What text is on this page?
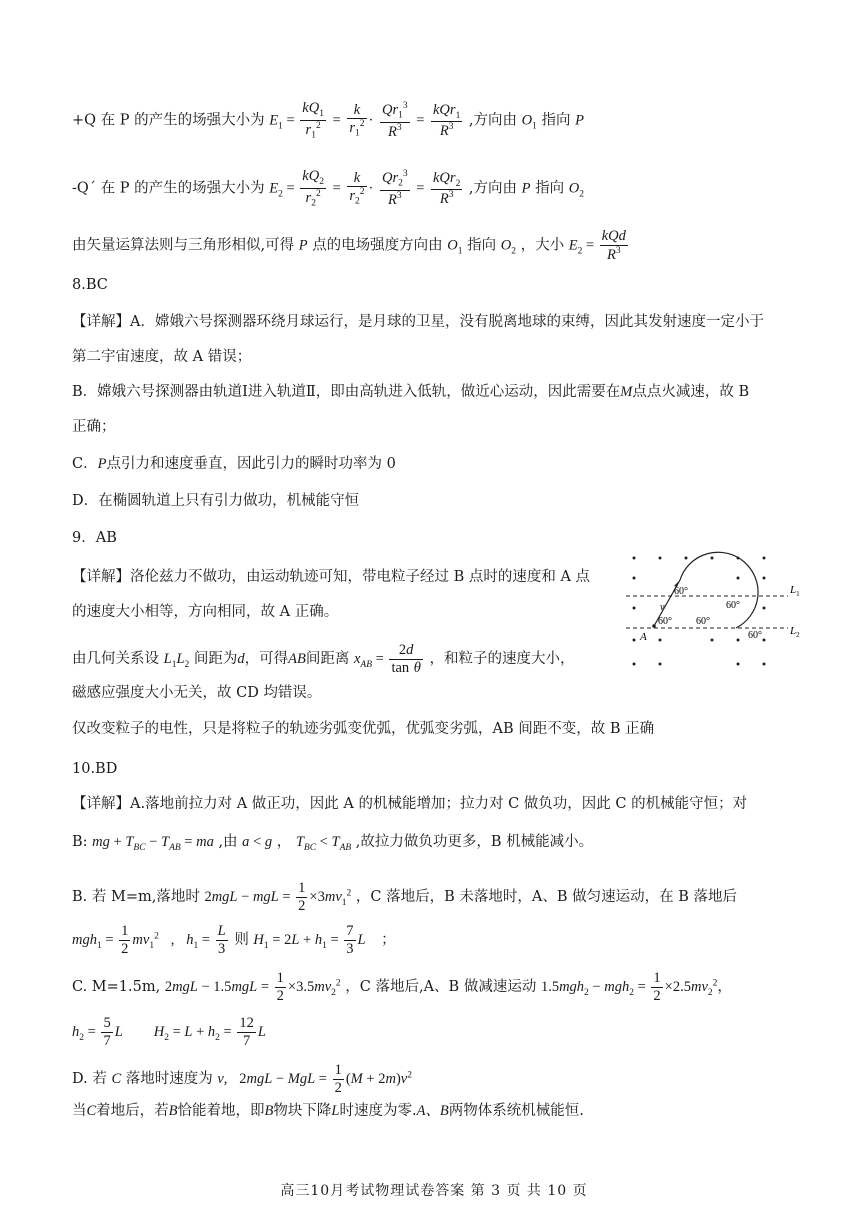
+Q 在 P 的产生的场强大小为 $E_1 = \frac{kQ_1}{r_1^2} = \frac{k}{r_1^2} \cdot \frac{Qr_1^3}{R^3} = \frac{kQr_1}{R^3}$ ,方向由 $O_1$ 指向 P
-Q´ 在 P 的产生的场强大小为 $E_2 = \frac{kQ_2}{r_2^2} = \frac{k}{r_2^2} \cdot \frac{Qr_2^3}{R^3} = \frac{kQr_2}{R^3}$ ,方向由 P 指向 $O_2$
由矢量运算法则与三角形相似,可得 P 点的电场强度方向由 $O_1$ 指向 $O_2$ ，大小 $E_2 = \frac{\text{kQd}}{R^3}$
8.BC
【详解】A．嫦娥六号探测器环绕月球运行，是月球的卫星，没有脱离地球的束缚，因此其发射速度一定小于
第二宇宙速度，故 A 错误；
B．嫦娥六号探测器由轨道Ⅰ进入轨道Ⅱ，即由高轨进入低轨，做近心运动，因此需要在M点点火减速，故 B
正确；
C．P点引力和速度垂直，因此引力的瞬时功率为 0
D．在椭圆轨道上只有引力做功，机械能守恒
9．AB
【详解】洛伦兹力不做功，由运动轨迹可知，带电粒子经过 B 点时的速度和 A 点
的速度大小相等，方向相同，故 A 正确。
由几何关系设 $L_1L_2$ 间距为d，可得AB间距离 $x_{AB} = \frac{2d}{\text{tan θ}}$ ，和粒子的速度大小，
磁感应强度大小无关，故 CD 均错误。
仅改变粒子的电性，只是将粒子的轨迹劣弧变优弧，优弧变劣弧，AB 间距不变，故 B 正确
10.BD
【详解】A.落地前拉力对 A 做正功，因此 A 的机械能增加；拉力对 C 做负功，因此 C 的机械能守恒；对
B: mg + $T_{BC} - T_{AB}$ = ma ,由 a < g ， $T_{BC} < T_{AB}$ ,故拉力做负功更多，B 机械能减小。
B. 若 M=m,落地时 2mgL − mgL = $\frac{1}{2} \times 3mv_1^2$ ，C 落地后，B 未落地时，A、B 做匀速运动，在 B 落地后
$mgh_1 = \frac{1}{2} mv_1^2$   ,   $h_1 = \frac{L}{3}$ 则 $H_1 = 2L + h_1 = \frac{7}{3}$ L    ；
C. M=1.5m, $2mgL - 1.5mgL = \frac{1}{2} \times 3.5mv_2^2$ ，C 落地后,A、B 做减速运动 $1.5mgh_2 - mgh_2 = \frac{1}{2} \times 2.5mv_2^2$，
$h_2 = \frac{5}{7}$ L $H_2 = L + h_2 = \frac{12}{7}$ L
D. 若 C 落地时速度为 v,   2mgL − MgL = $\frac{1}{2} (M + 2m)v^2$
当C着地后，若B恰能着地，即B物块下降L时速度为零.A、B两物体系统机械能恒.
$L_1$
$L_2$
A
v
60°
60°
60° 60°
60°
高三10月考试物理试卷答案 第 3 页 共 10 页
